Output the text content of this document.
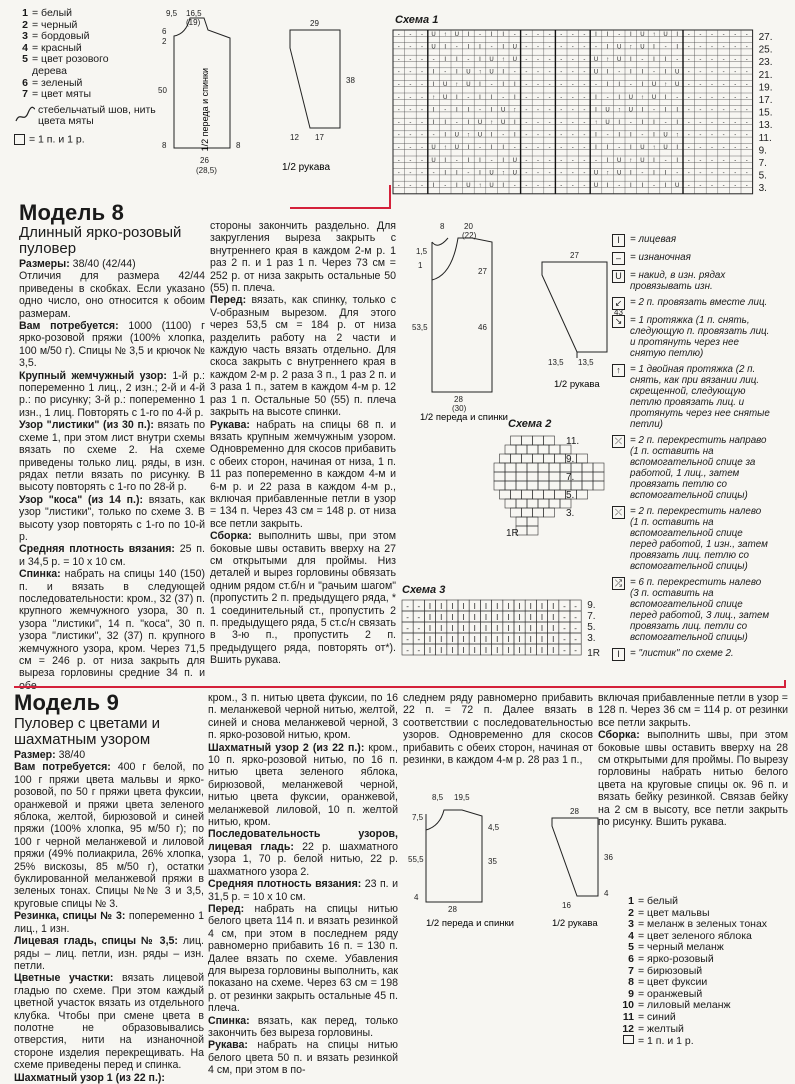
1 = белый
2 = черный
3 = бордовый
4 = красный
5 = цвет розового
дерева
6 = зеленый
7 = цвет мяты
стебельчатый шов, нить цвета мяты
= 1 п. и 1 р.
9,5 16,5
(19)
6
2
50
8
26
(28,5)
8
29
38
12 17
1/2 переда и спинки
1/2 рукава
Схема 1
- - - U ↑ U I - I I - - - - - - - I I - I U ↑ U I - - - - - -
- - - U I - I I - I U - - - - - - - I U ↑ U I - I - - - - - -
- - - - I I - I U ↑ U - - - - - - U ↑ U I - I I - - - - - - -
- - - I - I U ↑ U I - - - - - - - U I - I I - I U - - - - - -
- - - I U ↑ U I - I I - - - - - - - I I - I U ↑ U - - - - - -
- - - ↑ U I - I I - I - - - - - - I - I U ↑ U I - - - - - - -
- - - I - I I - I U ↑ - - - - - - I U ↑ U I - I I - - - - - -
- - - I I - I U ↑ U I - - - - - - ↑ U I - I I - I - - - - - -
- - - - I U ↑ U I - I - - - - - - I - I I - I U ↑ - - - - - -
- - - U ↑ U I - I I - - - - - - - I I - I U ↑ U I - - - - - -
- - - U I - I I - I U - - - - - - - I U ↑ U I - I - - - - - -
- - - - I I - I U ↑ U - - - - - - U ↑ U I - I I - - - - - - -
- - - I - I U ↑ U I - - - - - - - U I - I I - I U - - - - - -
27.
25.
23.
21.
19.
17.
15.
13.
11.
9.
7.
5.
3.
Модель 8
Длинный ярко-розовый пуловер

Размеры: 38/40 (42/44)

Отличия для размера 42/44 приведены в скобках. Если указано одно число, оно относится к обоим размерам.

Вам потребуется: 1000 (1100) г ярко-розовой пряжи (100% хлопка, 100 м/50 г). Спицы № 3,5 и крючок № 3,5.

Крупный жемчужный узор: 1-й р.: попеременно 1 лиц., 2 изн.; 2-й и 4-й р.: по рисунку; 3-й р.: попеременно 1 изн., 1 лиц. Повторять с 1-го по 4-й р.

Узор "листики" (из 30 п.): вязать по схеме 1, при этом лист внутри схемы вязать по схеме 2. На схеме приведены только лиц. ряды, в изн. рядах петли вязать по рисунку. В высоту повторять с 1-го по 28-й р.

Узор "коса" (из 14 п.): вязать, как узор "листики", только по схеме 3. В высоту узор повторять с 1-го по 10-й р.

Средняя плотность вязания: 25 п. и 34,5 р. = 10 x 10 см.

Спинка: набрать на спицы 140 (150) п. и вязать в следующей последовательности: кром., 32 (37) п. крупного жемчужного узора, 30 п. узора "листики", 14 п. "коса", 30 п. узора "листики", 32 (37) п. крупного жемчужного узора, кром. Через 71,5 см = 246 р. от низа закрыть для выреза горловины средние 34 п. и

стороны закончить раздельно. Для закругления выреза закрыть с внутреннего края в каждом 2-м р. 1 раз 2 п. и 1 раз 1 п. Через 73 см = 252 р. от низа закрыть остальные 50 (55) п. плеча.

Перед: вязать, как спинку, только с V-образным вырезом. Для этого через 53,5 см = 184 р. от низа разделить работу на 2 части и каждую часть вязать отдельно. Для скоса закрыть с внутреннего края в каждом 2-м р. 2 раза 3 п., 1 раз 2 п. и 3 раза 1 п., затем в каждом 4-м р. 12 раз 1 п. Остальные 50 (55) п. плеча закрыть на высоте спинки.

Рукава: набрать на спицы 68 п. и вязать крупным жемчужным узором. Одновременно для скосов прибавить с обеих сторон, начиная от низа, 1 п. 11 раз попеременно в каждом 4-м и 6-м р. и 22 раза в каждом 4-м р., включая прибавленные петли в узор = 134 п. Через 43 см = 148 р. от низа все петли закрыть.

Сборка: выполнить швы, при этом боковые швы оставить вверху на 27 см открытыми для проймы. Низ деталей и вырез горловины обвязать одним рядом ст.б/н и "рачьим шагом" (пропустить 2 п. предыдущего ряда, * 1 соединительный ст., пропустить 2 п. предыдущего ряда, 5 ст.с/н связать в 3-ю п., пропустить 2 п. предыдущего ряда, повторять от*). Вшить рукава.

8 20
(22)
1,5
1
27
53,5	46
28
(30)
27
43
13,5 13,5
1/2 переда и спинки
1/2 рукава
Схема 2
11.
9.
7.
5.
3.
1R
Схема 3
- - I I I I I I I I I I I I - -
- - I I I I I I I I I I I I - -
- - I I I I I I I I I I I I - -
- - I I I I I I I I I I I I - -
- - I I I I I I I I I I I I - -
9.
7.
5.
3.
1R
I	= лицевая
– = изнаночная
U = накид, в изн. рядах провязывать изн.
↙ = 2 п. провязать вместе лиц.
↘ = 1 протяжка (1 п. снять, следующую п. провязать лиц. и протянуть через нее снятую петлю)
↑ = 1 двойная протяжка (2 п. снять, как при вязании лиц. скрещенной, следующую петлю провязать лиц. и протянуть через нее снятые петли)
⤫ = 2 п. перекрестить направо (1 п. оставить на вспомогательной спице за работой, 1 лиц., затем провязать петлю со вспомогательной спицы)
⤬ = 2 п. перекрестить налево (1 п. оставить на вспомогательной спице перед работой, 1 изн., затем провязать лиц. петлю со вспомогательной спицы)
⤮ = 6 п. перекрестить налево (3 п. оставить на вспомогательной спице перед работой, 3 лиц., затем провязать лиц. петли со вспомогательной спицы)
Ӏ	= "листик" по схеме 2.
Модель 9
Пуловер с цветами и шахматным узором

Размер: 38/40

Вам потребуется: 400 г белой, по 100 г пряжи цвета мальвы и ярко-розовой, по 50 г пряжи цвета фуксии, оранжевой и пряжи цвета зеленого яблока, желтой, бирюзовой и синей пряжи (100% хлопка, 95 м/50 г); по 100 г черной меланжевой и лиловой пряжи (49% полиакрила, 26% хлопка, 25% вискозы, 85 м/50 г), остатки буклированной меланжевой пряжи в зеленых тонах. Спицы №№ 3 и 3,5, круговые спицы № 3.

Резинка, спицы № 3: попеременно 1 лиц., 1 изн.

Лицевая гладь, спицы № 3,5: лиц. ряды – лиц. петли, изн. ряды – изн. петли.

Цветные участки: вязать лицевой гладью по схеме. При этом каждый цветной участок вязать из отдельного клубка. Чтобы при смене цвета в полотне не образовывались отверстия, нити на изнаночной стороне изделия перекрещивать. На схеме приведены перед и спинка.

Шахматный узор 1 (из 22 п.):

кром., 3 п. нитью цвета фуксии, по 16 п. меланжевой черной нитью, желтой, синей и снова меланжевой черной, 3 п. ярко-розовой нитью, кром.

Шахматный узор 2 (из 22 п.): кром., 10 п. ярко-розовой нитью, по 16 п. нитью цвета зеленого яблока, бирюзовой, меланжевой черной, нитью цвета фуксии, оранжевой, меланжевой лиловой, 10 п. желтой нитью, кром.

Последовательность узоров, лицевая гладь: 22 р. шахматного узора 1, 70 р. белой нитью, 22 р. шахматного узора 2.

Средняя плотность вязания: 23 п. и 31,5 р. = 10 x 10 см.

Перед: набрать на спицы нитью белого цвета 114 п. и вязать резинкой 4 см, при этом в последнем ряду равномерно прибавить 16 п. = 130 п. Далее вязать по схеме. Убавления для выреза горловины выполнить, как показано на схеме. Через 63 см = 198 р. от резинки закрыть остальные 45 п. плеча.

Спинка: вязать, как перед, только закончить без выреза горловины.

Рукава: набрать на спицы нитью белого цвета 50 п. и вязать резинкой 4 см, при этом в по-

следнем ряду равномерно прибавить 22 п. = 72 п. Далее вязать в соответствии с последовательностью узоров. Одновременно для скосов прибавить с обеих сторон, начиная от резинки, в каждом 4-м р. 28 раз 1 п.,

включая прибавленные петли в узор = 128 п. Через 36 см = 114 р. от резинки все петли закрыть.

Сборка: выполнить швы, при этом боковые швы оставить вверху на 28 см открытыми для проймы. По вырезу горловины набрать нитью белого цвета на круговые спицы ок. 96 п. и вязать бейку резинкой. Связав бейку на 2 см в высоту, все петли закрыть по рисунку. Вшить рукава.

8,5 19,5
7,5
4,5
55,5	35
4
28
28
36
4
16
1/2 переда и спинки	1/2 рукава
1 = белый
2 = цвет мальвы
3 = меланж в зеленых тонах
4 = цвет зеленого яблока
5 = черный меланж
6 = ярко-розовый
7 = бирюзовый
8 = цвет фуксии
9 = оранжевый
10 = лиловый меланж
11 = синий
12 = желтый
= 1 п. и 1 р.
